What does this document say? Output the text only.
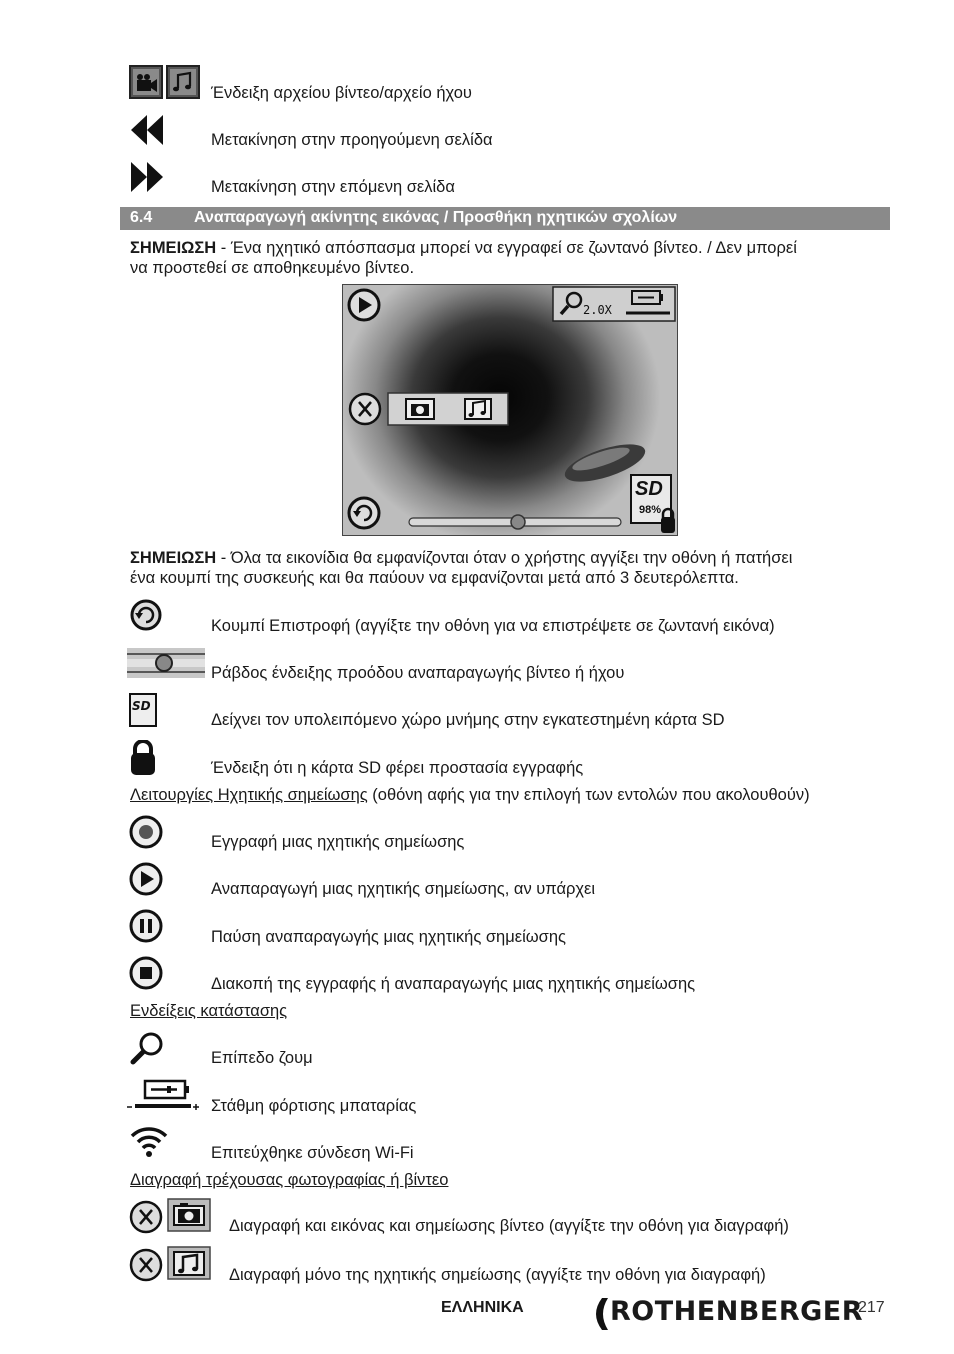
Ένδειξη αρχείου βίντεο/αρχείο ήχου
Μετακίνηση στην προηγούμενη σελίδα
Μετακίνηση στην επόμενη σελίδα
6.4	Αναπαραγωγή ακίνητης εικόνας / Προσθήκη ηχητικών σχολίων
ΣΗΜΕΙΩΣΗ - Ένα ηχητικό απόσπασμα μπορεί να εγγραφεί σε ζωντανό βίντεο. / Δεν μπορεί
να προστεθεί σε αποθηκευμένο βίντεο.
2.0X
SD
98%
ΣΗΜΕΙΩΣΗ - Όλα τα εικονίδια θα εμφανίζονται όταν ο χρήστης αγγίξει την οθόνη ή πατήσει
ένα κουμπί της συσκευής και θα παύουν να εμφανίζονται μετά από 3 δευτερόλεπτα.
Κουμπί Επιστροφή (αγγίξτε την οθόνη για να επιστρέψετε σε ζωντανή εικόνα)
Ράβδος ένδειξης προόδου αναπαραγωγής βίντεο ή ήχου
SD
Δείχνει τον υπολειπόμενο χώρο μνήμης στην εγκατεστημένη κάρτα SD
Ένδειξη ότι η κάρτα SD φέρει προστασία εγγραφής
Λειτουργίες Ηχητικής σημείωσης (οθόνη αφής για την επιλογή των εντολών που ακολουθούν)
Εγγραφή μιας ηχητικής σημείωσης
Αναπαραγωγή μιας ηχητικής σημείωσης, αν υπάρχει
Παύση αναπαραγωγής μιας ηχητικής σημείωσης
Διακοπή της εγγραφής ή αναπαραγωγής μιας ηχητικής σημείωσης
Ενδείξεις κατάστασης
Επίπεδο ζουμ
Στάθμη φόρτισης μπαταρίας
Επιτεύχθηκε σύνδεση Wi-Fi
Διαγραφή τρέχουσας φωτογραφίας ή βίντεο
Διαγραφή και εικόνας και σημείωσης βίντεο (αγγίξτε την οθόνη για διαγραφή)
Διαγραφή μόνο της ηχητικής σημείωσης (αγγίξτε την οθόνη για διαγραφή)
ΕΛΛΗΝΙΚΑ	ROTHENBERGER
217
